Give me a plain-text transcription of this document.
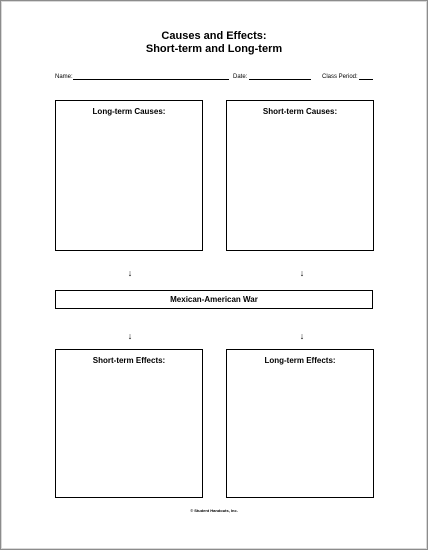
Causes and Effects:
Short-term and Long-term
Name:	Date:	Class Period:
Long-term Causes:	Short-term Causes:
↓	↓
Mexican-American War
↓	↓
Short-term Effects:	Long-term Effects:
© Student Handouts, Inc.
